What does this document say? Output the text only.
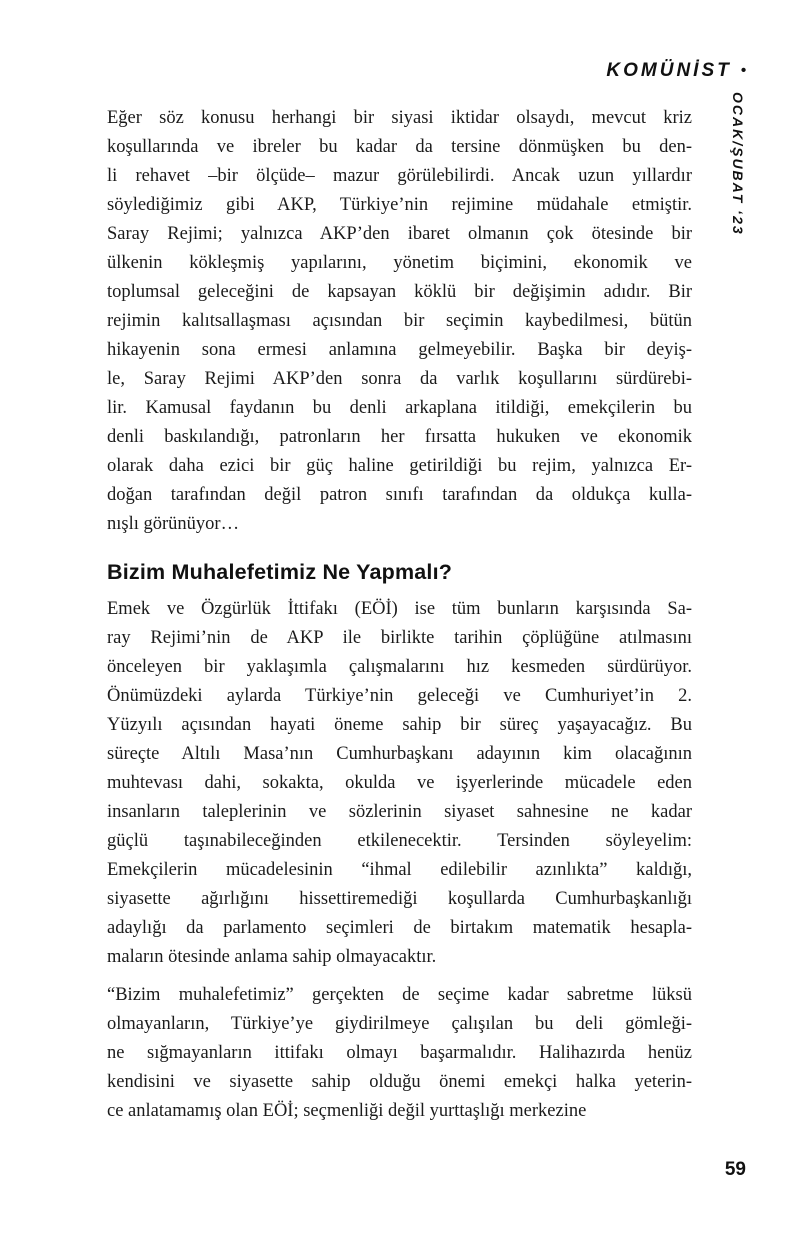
KOMÜNİST •
OCAK/ŞUBAT ‘23

Eğer söz konusu herhangi bir siyasi iktidar olsaydı, mevcut kriz
koşullarında ve ibreler bu kadar da tersine dönmüşken bu den-
li rehavet –bir ölçüde– mazur görülebilirdi. Ancak uzun yıllardır
söylediğimiz gibi AKP, Türkiye’nin rejimine müdahale etmiştir.
Saray Rejimi; yalnızca AKP’den ibaret olmanın çok ötesinde bir
ülkenin kökleşmiş yapılarını, yönetim biçimini, ekonomik ve
toplumsal geleceğini de kapsayan köklü bir değişimin adıdır. Bir
rejimin kalıtsallaşması açısından bir seçimin kaybedilmesi, bütün
hikayenin sona ermesi anlamına gelmeyebilir. Başka bir deyiş-
le, Saray Rejimi AKP’den sonra da varlık koşullarını sürdürebi-
lir. Kamusal faydanın bu denli arkaplana itildiği, emekçilerin bu
denli baskılandığı, patronların her fırsatta hukuken ve ekonomik
olarak daha ezici bir güç haline getirildiği bu rejim, yalnızca Er-
doğan tarafından değil patron sınıfı tarafından da oldukça kulla-
nışlı görünüyor…

Bizim Muhalefetimiz Ne Yapmalı?

Emek ve Özgürlük İttifakı (EÖİ) ise tüm bunların karşısında Sa-
ray Rejimi’nin de AKP ile birlikte tarihin çöplüğüne atılmasını
önceleyen bir yaklaşımla çalışmalarını hız kesmeden sürdürüyor.
Önümüzdeki aylarda Türkiye’nin geleceği ve Cumhuriyet’in 2.
Yüzyılı açısından hayati öneme sahip bir süreç yaşayacağız. Bu
süreçte Altılı Masa’nın Cumhurbaşkanı adayının kim olacağının
muhtevası dahi, sokakta, okulda ve işyerlerinde mücadele eden
insanların taleplerinin ve sözlerinin siyaset sahnesine ne kadar
güçlü taşınabileceğinden etkilenecektir. Tersinden söyleyelim:
Emekçilerin mücadelesinin “ihmal edilebilir azınlıkta” kaldığı,
siyasette ağırlığını hissettiremediği koşullarda Cumhurbaşkanlığı
adaylığı da parlamento seçimleri de birtakım matematik hesapla-
maların ötesinde anlama sahip olmayacaktır.

“Bizim muhalefetimiz” gerçekten de seçime kadar sabretme lüksü
olmayanların, Türkiye’ye giydirilmeye çalışılan bu deli gömleği-
ne sığmayanların ittifakı olmayı başarmalıdır. Halihazırda henüz
kendisini ve siyasette sahip olduğu önemi emekçi halka yeterin-
ce anlatamamış olan EÖİ; seçmenliği değil yurttaşlığı merkezine

59
